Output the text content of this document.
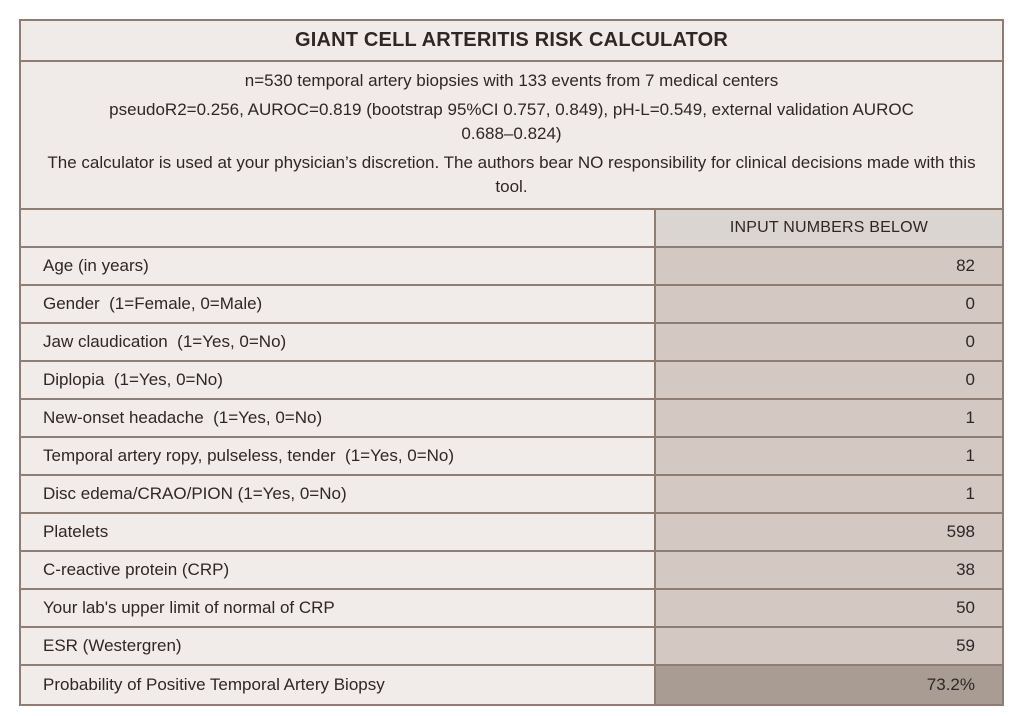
GIANT CELL ARTERITIS RISK CALCULATOR

n=530 temporal artery biopsies with 133 events from 7 medical centers

pseudoR2=0.256, AUROC=0.819 (bootstrap 95%CI 0.757, 0.849), pH-L=0.549, external validation AUROC 0.688–0.824)

The calculator is used at your physician’s discretion. The authors bear NO responsibility for clinical decisions made with this tool.

INPUT NUMBERS BELOW
Age (in years)	82
Gender  (1=Female, 0=Male)	0
Jaw claudication  (1=Yes, 0=No)	0
Diplopia  (1=Yes, 0=No)	0
New-onset headache  (1=Yes, 0=No)	1
Temporal artery ropy, pulseless, tender  (1=Yes, 0=No)	1
Disc edema/CRAO/PION (1=Yes, 0=No)	1
Platelets	598
C-reactive protein (CRP)	38
Your lab's upper limit of normal of CRP	50
ESR (Westergren)	59
Probability of Positive Temporal Artery Biopsy	73.2%
